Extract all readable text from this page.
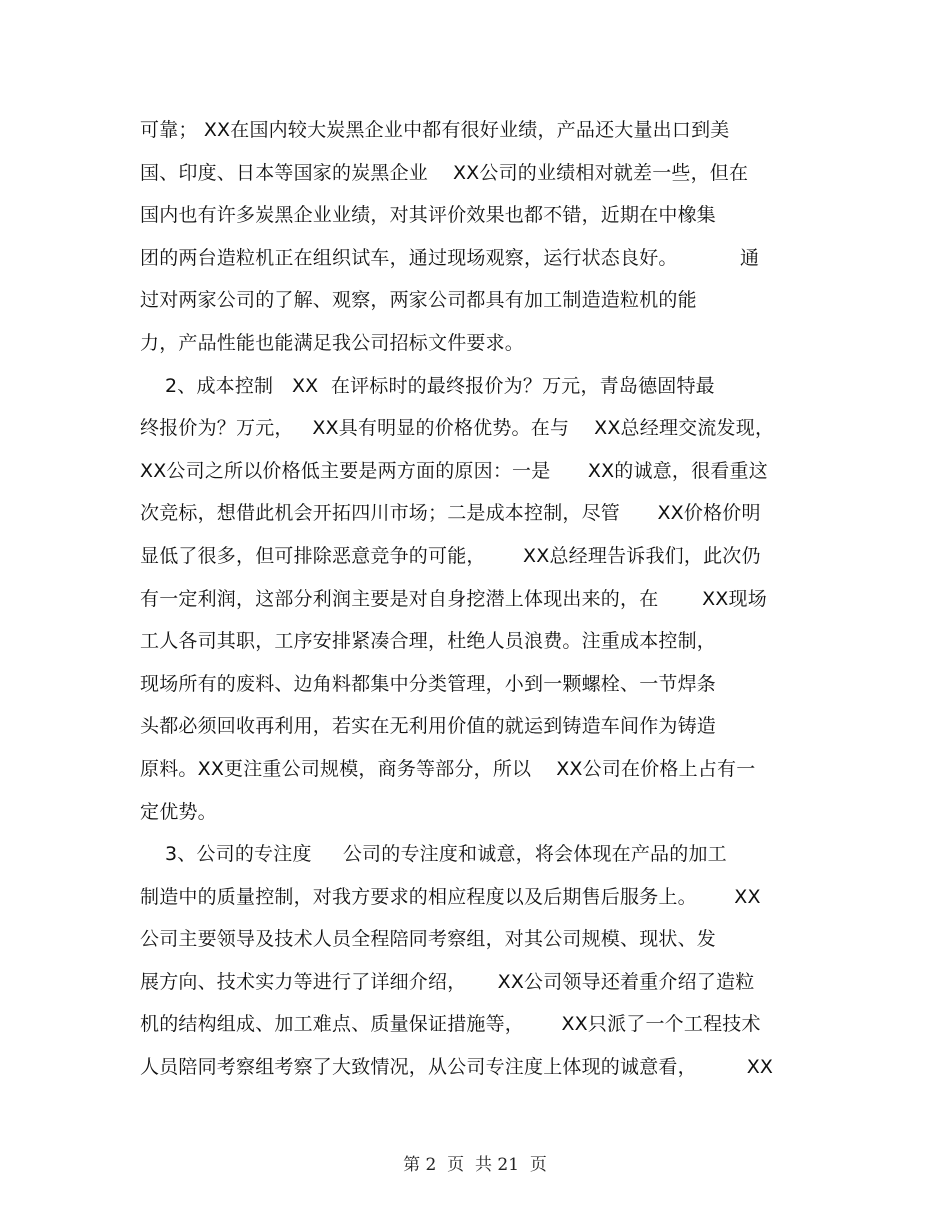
可靠； XX在国内较大炭黑企业中都有很好业绩，产品还大量出口到美
国、印度、日本等国家的炭黑企业    XX公司的业绩相对就差一些，但在
国内也有许多炭黑企业业绩，对其评价效果也都不错，近期在中橡集
团的两台造粒机正在组织试车，通过现场观察，运行状态良好。          通
过对两家公司的了解、观察，两家公司都具有加工制造造粒机的能
力，产品性能也能满足我公司招标文件要求。
2、成本控制   XX  在评标时的最终报价为？万元，青岛德固特最
终报价为？万元，   XX具有明显的价格优势。在与    XX总经理交流发现，
XX公司之所以价格低主要是两方面的原因：一是      XX的诚意，很看重这
次竞标，想借此机会开拓四川市场；二是成本控制，尽管      XX价格价明
显低了很多，但可排除恶意竞争的可能，      XX总经理告诉我们，此次仍
有一定利润，这部分利润主要是对自身挖潜上体现出来的，在       XX现场
工人各司其职，工序安排紧凑合理，杜绝人员浪费。注重成本控制，
现场所有的废料、边角料都集中分类管理，小到一颗螺栓、一节焊条
头都必须回收再利用，若实在无利用价值的就运到铸造车间作为铸造
原料。XX更注重公司规模，商务等部分，所以    XX公司在价格上占有一
定优势。
3、公司的专注度     公司的专注度和诚意，将会体现在产品的加工
制造中的质量控制，对我方要求的相应程度以及后期售后服务上。      XX
公司主要领导及技术人员全程陪同考察组，对其公司规模、现状、发
展方向、技术实力等进行了详细介绍，     XX公司领导还着重介绍了造粒
机的结构组成、加工难点、质量保证措施等，      XX只派了一个工程技术
人员陪同考察组考察了大致情况，从公司专注度上体现的诚意看，        XX
第 2  页  共 21  页
